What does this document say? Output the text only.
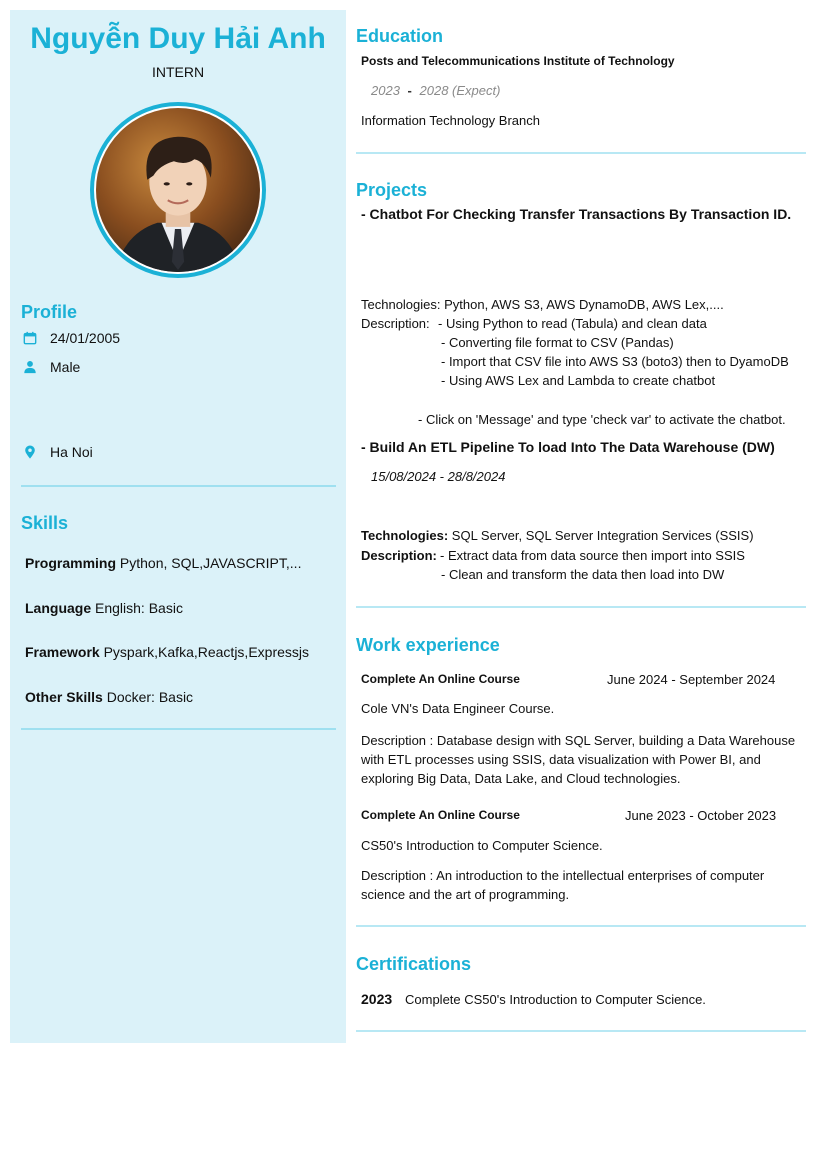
Nguyễn Duy Hải Anh
INTERN
Profile
24/01/2005
Male
Ha Noi
Skills
Programming Python, SQL,JAVASCRIPT,...
Language English: Basic
Framework Pyspark,Kafka,Reactjs,Expressjs
Other Skills Docker: Basic
Education
Posts and Telecommunications Institute of Technology
2023 - 2028 (Expect)
Information Technology Branch
Projects
- Chatbot For Checking Transfer Transactions By Transaction ID.
Technologies: Python, AWS S3, AWS DynamoDB, AWS Lex,....
Description: - Using Python to read (Tabula) and clean data
- Converting file format to CSV (Pandas)
- Import that CSV file into AWS S3 (boto3) then to DyamoDB
- Using AWS Lex and Lambda to create chatbot
- Click on 'Message' and type 'check var' to activate the chatbot.
- Build An ETL Pipeline To load Into The Data Warehouse (DW)
15/08/2024 - 28/8/2024
Technologies: SQL Server, SQL Server Integration Services (SSIS)
Description: - Extract data from data source then import into SSIS
- Clean and transform the data then load into DW
Work experience
Complete An Online Course	June 2024 - September 2024
Cole VN's Data Engineer Course.
Description : Database design with SQL Server, building a Data Warehouse with ETL processes using SSIS, data visualization with Power BI, and exploring Big Data, Data Lake, and Cloud technologies.
Complete An Online Course	June 2023 - October 2023
CS50's Introduction to Computer Science.
Description : An introduction to the intellectual enterprises of computer science and the art of programming.
Certifications
2023 Complete CS50's Introduction to Computer Science.
